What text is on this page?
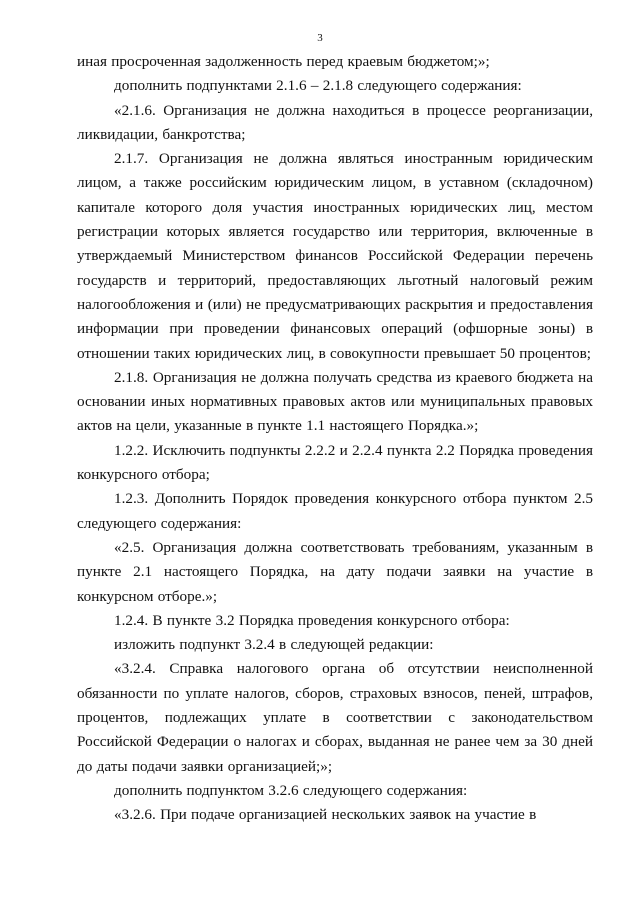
3

иная просроченная задолженность перед краевым бюджетом;»;

дополнить подпунктами 2.1.6 – 2.1.8 следующего содержания:

«2.1.6. Организация не должна находиться в процессе реорганизации, ликвидации, банкротства;

2.1.7. Организация не должна являться иностранным юридическим лицом, а также российским юридическим лицом, в уставном (складочном) капитале которого доля участия иностранных юридических лиц, местом регистрации которых является государство или территория, включенные в утверждаемый Министерством финансов Российской Федерации перечень государств и территорий, предоставляющих льготный налоговый режим налогообложения и (или) не предусматривающих раскрытия и предоставления информации при проведении финансовых операций (офшорные зоны) в отношении таких юридических лиц, в совокупности превышает 50 процентов;

2.1.8. Организация не должна получать средства из краевого бюджета на основании иных нормативных правовых актов или муниципальных правовых актов на цели, указанные в пункте 1.1 настоящего Порядка.»;

1.2.2. Исключить подпункты 2.2.2 и 2.2.4 пункта 2.2 Порядка проведения конкурсного отбора;

1.2.3. Дополнить Порядок проведения конкурсного отбора пунктом 2.5 следующего содержания:

«2.5. Организация должна соответствовать требованиям, указанным в пункте 2.1 настоящего Порядка, на дату подачи заявки на участие в конкурсном отборе.»;

1.2.4. В пункте 3.2 Порядка проведения конкурсного отбора:

изложить подпункт 3.2.4 в следующей редакции:

«3.2.4. Справка налогового органа об отсутствии неисполненной обязанности по уплате налогов, сборов, страховых взносов, пеней, штрафов, процентов, подлежащих уплате в соответствии с законодательством Российской Федерации о налогах и сборах, выданная не ранее чем за 30 дней до даты подачи заявки организацией;»;

дополнить подпунктом 3.2.6 следующего содержания:

«3.2.6. При подаче организацией нескольких заявок на участие в
